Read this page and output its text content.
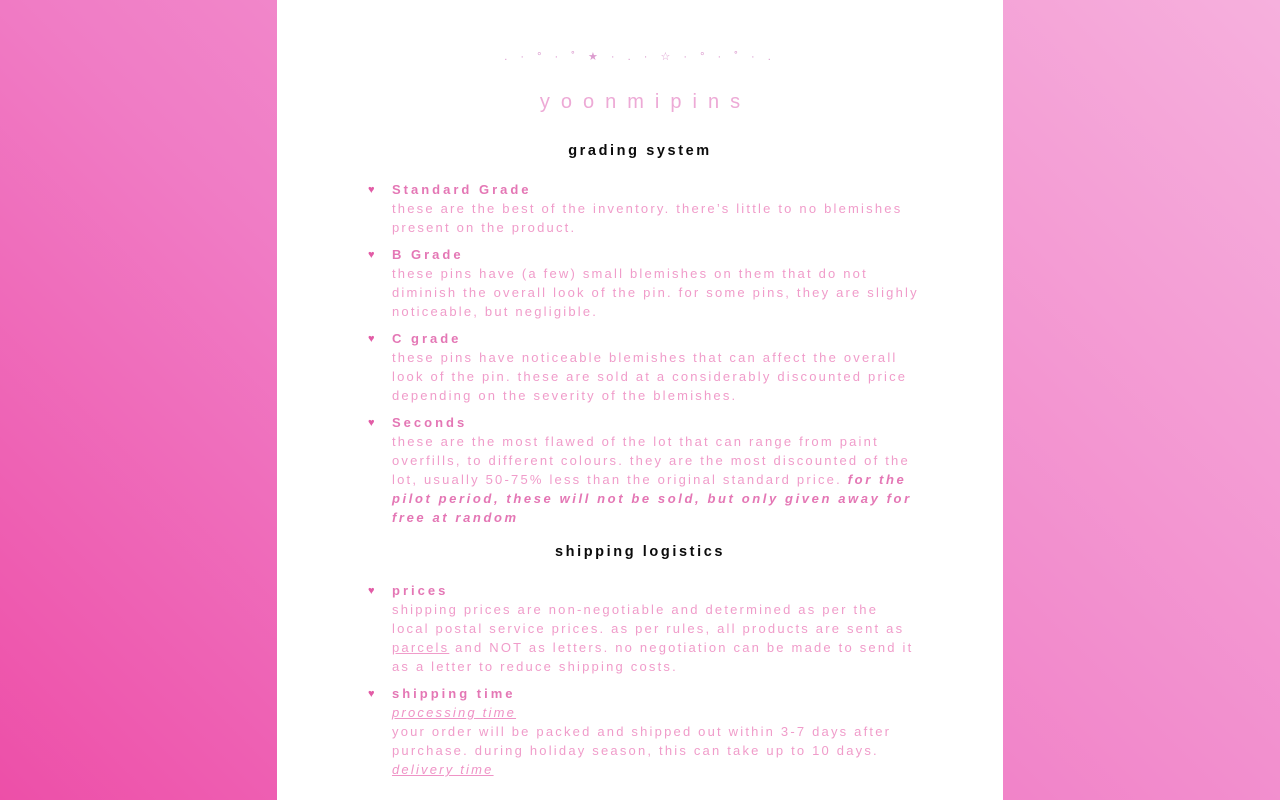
. · ° · ˚ ★ · . · ☆ · ° · ˚ · .
yoonmipins
grading system
♥	Standard Grade
these are the best of the inventory. there’s little to no blemishes present on the product.
♥	B Grade
these pins have (a few) small blemishes on them that do not diminish the overall look of the pin. for some pins, they are slighly noticeable, but negligible.
♥	C grade
these pins have noticeable blemishes that can affect the overall look of the pin. these are sold at a considerably discounted price depending on the severity of the blemishes.
♥	Seconds
these are the most flawed of the lot that can range from paint overfills, to different colours. they are the most discounted of the lot, usually 50-75% less than the original standard price. for the pilot period, these will not be sold, but only given away for free at random
shipping logistics
♥	prices
shipping prices are non-negotiable and determined as per the local postal service prices. as per rules, all products are sent as parcels and NOT as letters. no negotiation can be made to send it as a letter to reduce shipping costs.
♥	shipping time
processing time
your order will be packed and shipped out within 3-7 days after purchase. during holiday season, this can take up to 10 days.
delivery time
